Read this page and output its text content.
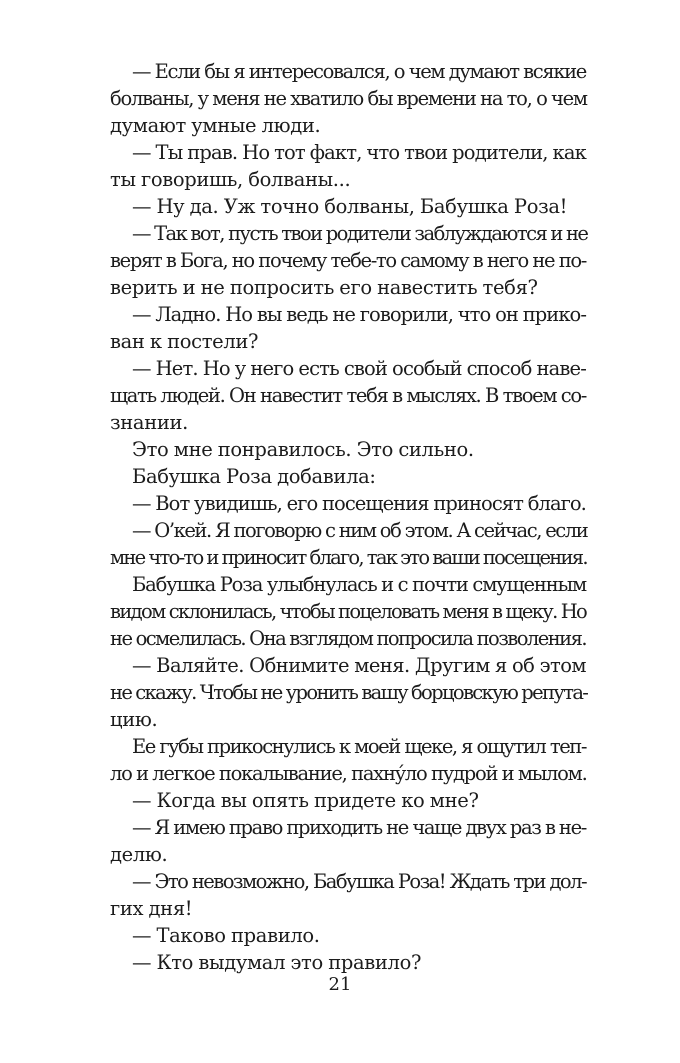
— Если бы я интересовался, о чем думают всякие
болваны, у меня не хватило бы времени на то, о чем
думают умные люди.

— Ты прав. Но тот факт, что твои родители, как
ты говоришь, болваны...

— Ну да. Уж точно болваны, Бабушка Роза!

— Так вот, пусть твои родители заблуждаются и не
верят в Бога, но почему тебе-то самому в него не по-
верить и не попросить его навестить тебя?

— Ладно. Но вы ведь не говорили, что он прико-
ван к постели?

— Нет. Но у него есть свой особый способ наве-
щать людей. Он навестит тебя в мыслях. В твоем со-
знании.

Это мне понравилось. Это сильно.

Бабушка Роза добавила:

— Вот увидишь, его посещения приносят благо.

— О’кей. Я поговорю с ним об этом. А сейчас, если
мне что-то и приносит благо, так это ваши посещения.

Бабушка Роза улыбнулась и с почти смущенным
видом склонилась, чтобы поцеловать меня в щеку. Но
не осмелилась. Она взглядом попросила позволения.

— Валяйте. Обнимите меня. Другим я об этом
не скажу. Чтобы не уронить вашу борцовскую репута-
цию.

Ее губы прикоснулись к моей щеке, я ощутил теп-
ло и легкое покалывание, пахну́ло пудрой и мылом.

— Когда вы опять придете ко мне?

— Я имею право приходить не чаще двух раз в не-
делю.

— Это невозможно, Бабушка Роза! Ждать три дол-
гих дня!

— Таково правило.

— Кто выдумал это правило?

21
